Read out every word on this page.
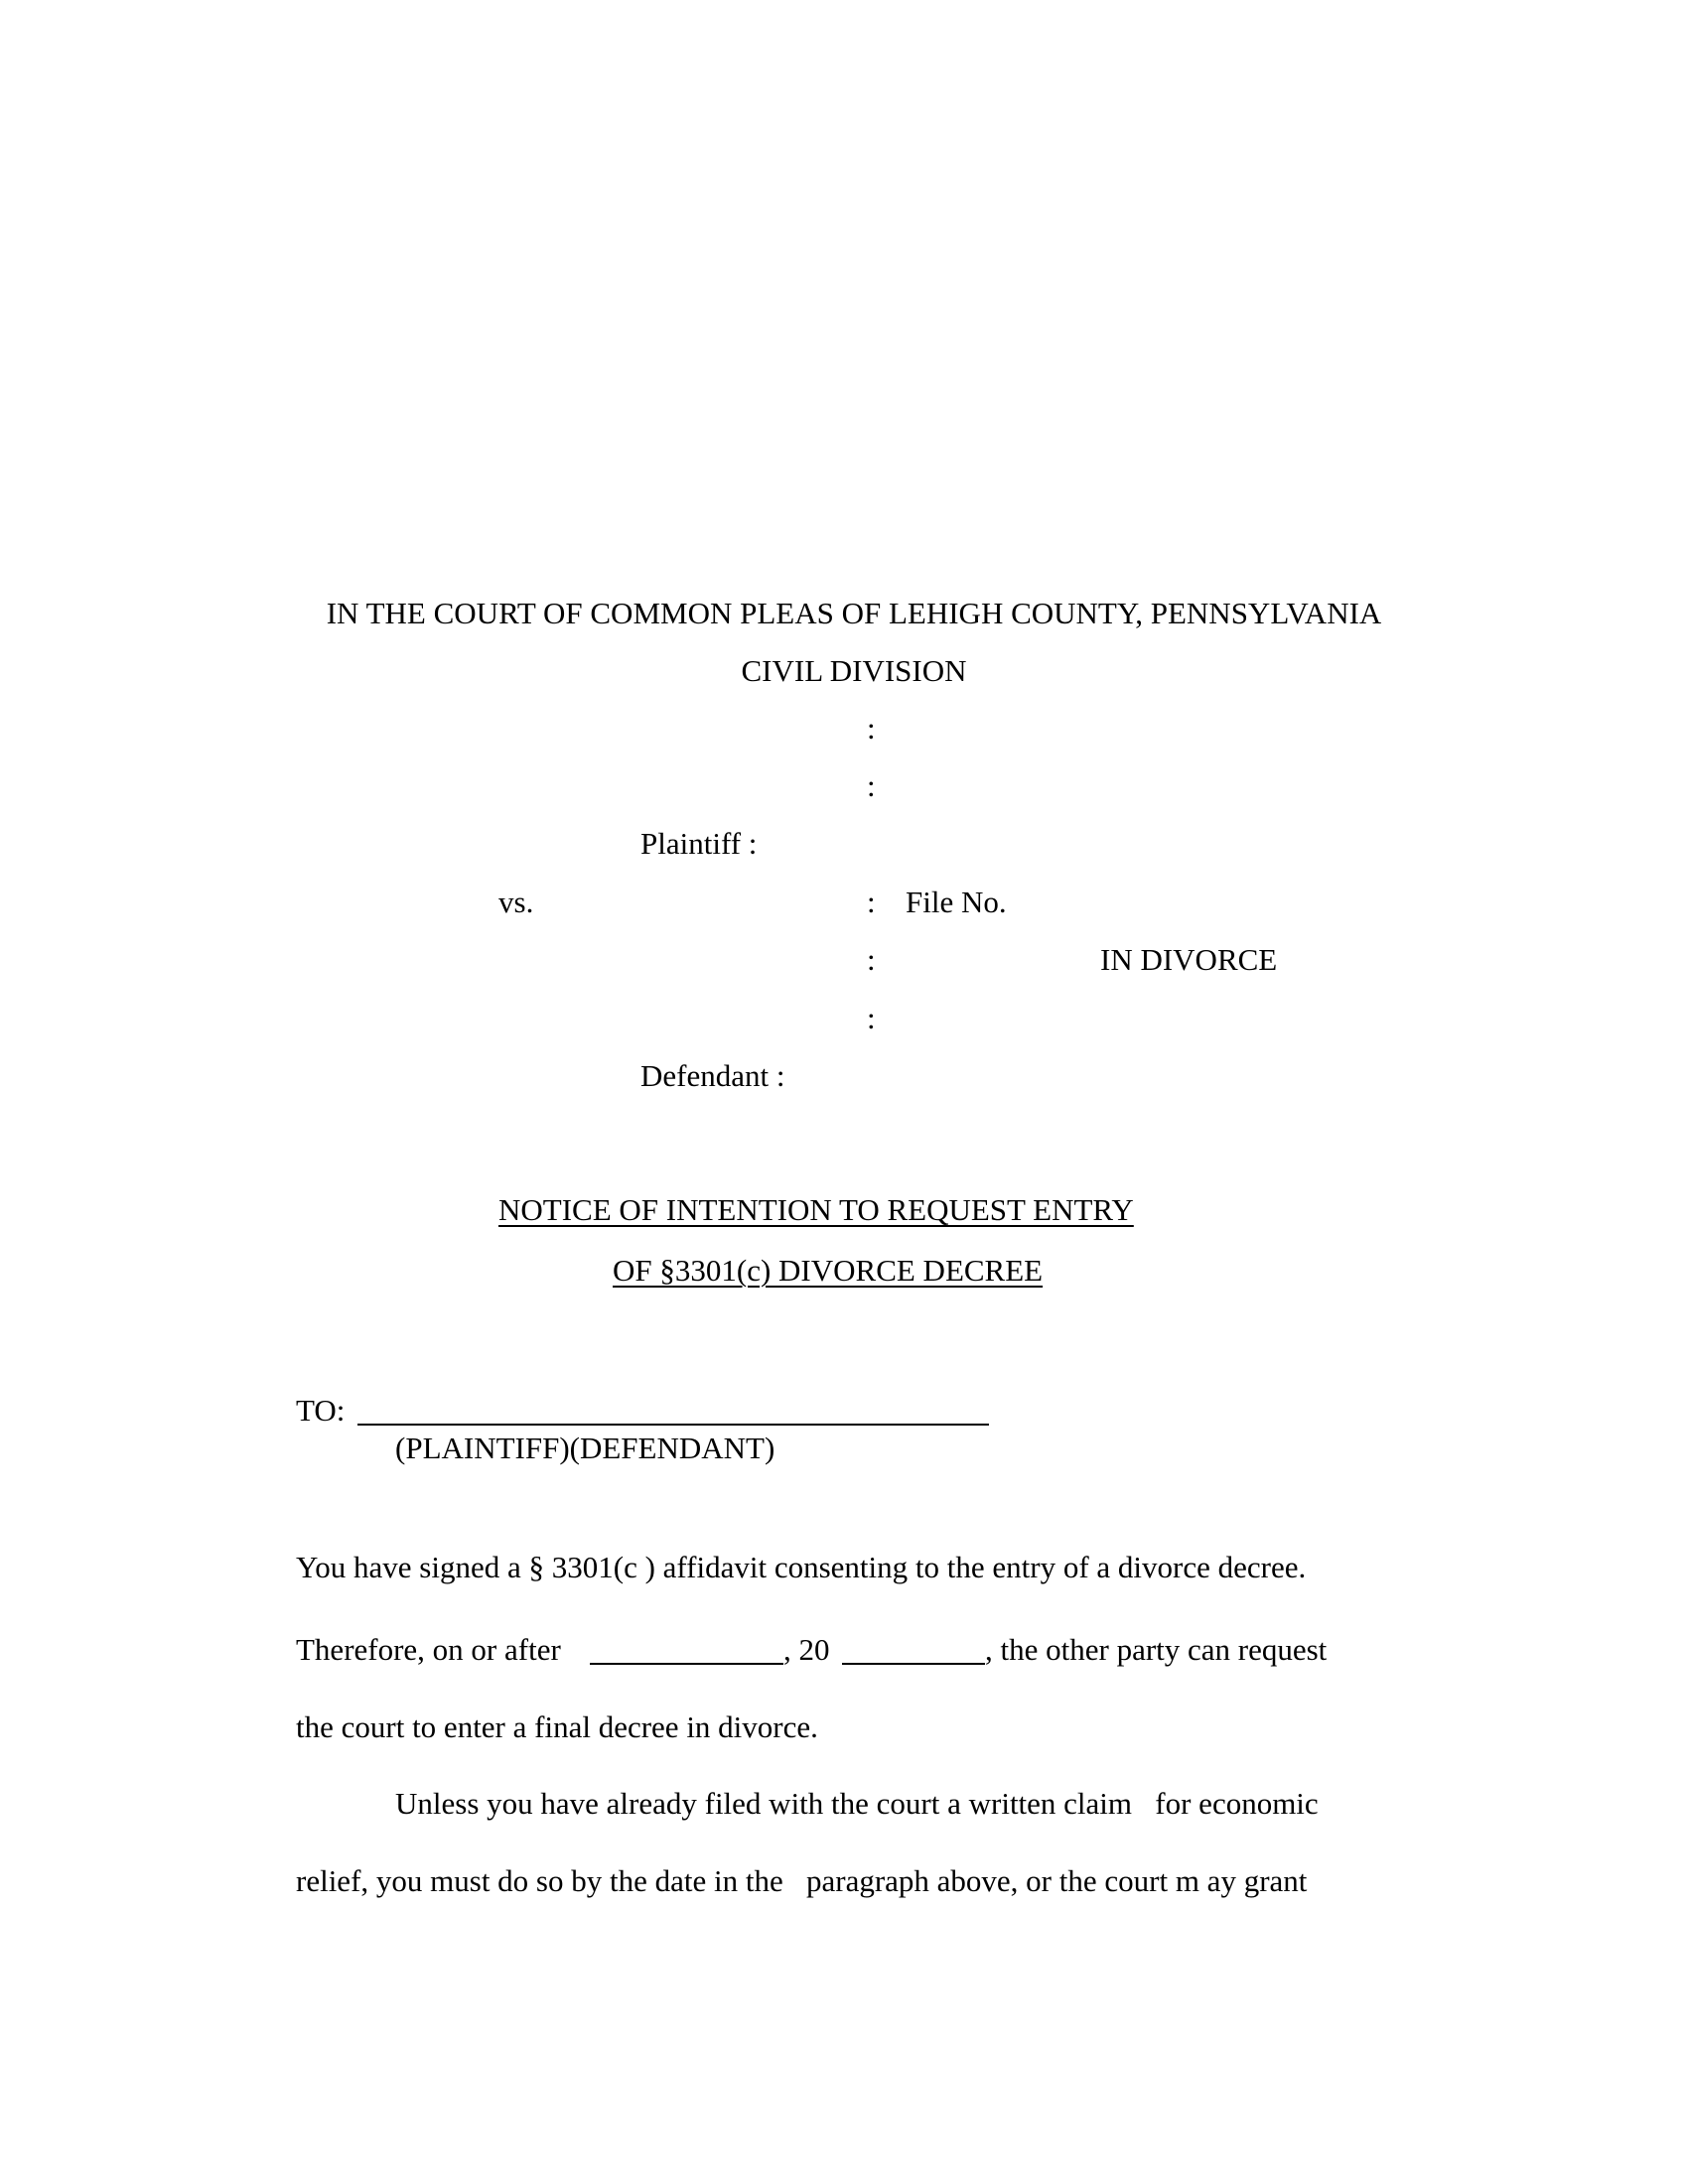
IN THE COURT OF COMMON PLEAS OF LEHIGH COUNTY, PENNSYLVANIA
CIVIL DIVISION
:
:
Plaintiff :
vs.	: File No.
:	IN DIVORCE
:
Defendant :
NOTICE OF INTENTION TO REQUEST ENTRY
OF §3301(c) DIVORCE DECREE
TO:
(PLAINTIFF)(DEFENDANT)
You have signed a § 3301(c ) affidavit consenting to the entry of a divorce decree.
Therefore, on or after	, 20	, the other party can request
the court to enter a final decree in divorce.
Unless you have already filed with the court a written claim   for economic
relief, you must do so by the date in the   paragraph above, or the court m ay grant
